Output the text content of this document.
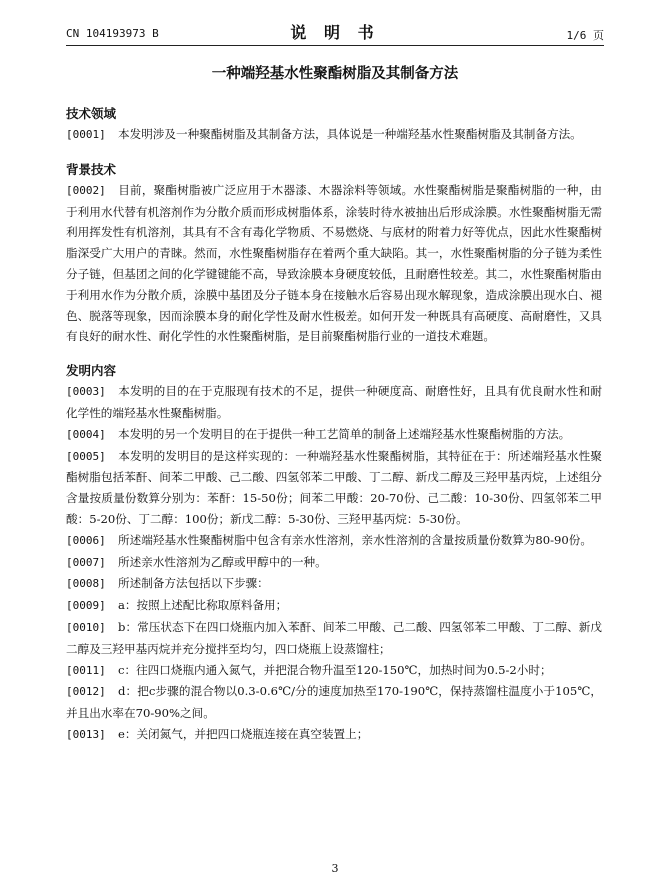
CN 104193973 B	说 明 书	1/6 页
一种端羟基水性聚酯树脂及其制备方法
技术领域

[0001] 本发明涉及一种聚酯树脂及其制备方法，具体说是一种端羟基水性聚酯树脂及其制备方法。

背景技术

[0002] 目前，聚酯树脂被广泛应用于木器漆、木器涂料等领域。水性聚酯树脂是聚酯树脂的一种，由于利用水代替有机溶剂作为分散介质而形成树脂体系，涂装时待水被抽出后形成涂膜。水性聚酯树脂无需利用挥发性有机溶剂，其具有不含有毒化学物质、不易燃烧、与底材的附着力好等优点，因此水性聚酯树脂深受广大用户的青睐。然而，水性聚酯树脂存在着两个重大缺陷。其一，水性聚酯树脂的分子链为柔性分子链，但基团之间的化学键键能不高，导致涂膜本身硬度较低，且耐磨性较差。其二，水性聚酯树脂由于利用水作为分散介质，涂膜中基团及分子链本身在接触水后容易出现水解现象，造成涂膜出现水白、褪色、脱落等现象，因而涂膜本身的耐化学性及耐水性极差。如何开发一种既具有高硬度、高耐磨性，又具有良好的耐水性、耐化学性的水性聚酯树脂，是目前聚酯树脂行业的一道技术难题。

发明内容

[0003] 本发明的目的在于克服现有技术的不足，提供一种硬度高、耐磨性好，且具有优良耐水性和耐化学性的端羟基水性聚酯树脂。

[0004] 本发明的另一个发明目的在于提供一种工艺简单的制备上述端羟基水性聚酯树脂的方法。

[0005] 本发明的发明目的是这样实现的：一种端羟基水性聚酯树脂，其特征在于：所述端羟基水性聚酯树脂包括苯酐、间苯二甲酸、己二酸、四氢邻苯二甲酸、丁二醇、新戊二醇及三羟甲基丙烷，上述组分含量按质量份数算分别为：苯酐：15-50份；间苯二甲酸：20-70份、己二酸：10-30份、四氢邻苯二甲酸：5-20份、丁二醇：100份；新戊二醇：5-30份、三羟甲基丙烷：5-30份。

[0006] 所述端羟基水性聚酯树脂中包含有亲水性溶剂，亲水性溶剂的含量按质量份数算为80-90份。

[0007] 所述亲水性溶剂为乙醇或甲醇中的一种。

[0008] 所述制备方法包括以下步骤：

[0009] a：按照上述配比称取原料备用；

[0010] b：常压状态下在四口烧瓶内加入苯酐、间苯二甲酸、己二酸、四氢邻苯二甲酸、丁二醇、新戊二醇及三羟甲基丙烷并充分搅拌至均匀，四口烧瓶上设蒸馏柱；

[0011] c：往四口烧瓶内通入氮气，并把混合物升温至120-150℃，加热时间为0.5-2小时；

[0012] d：把c步骤的混合物以0.3-0.6℃/分的速度加热至170-190℃，保持蒸馏柱温度小于105℃，并且出水率在70-90%之间。

[0013] e：关闭氮气，并把四口烧瓶连接在真空装置上；

3
